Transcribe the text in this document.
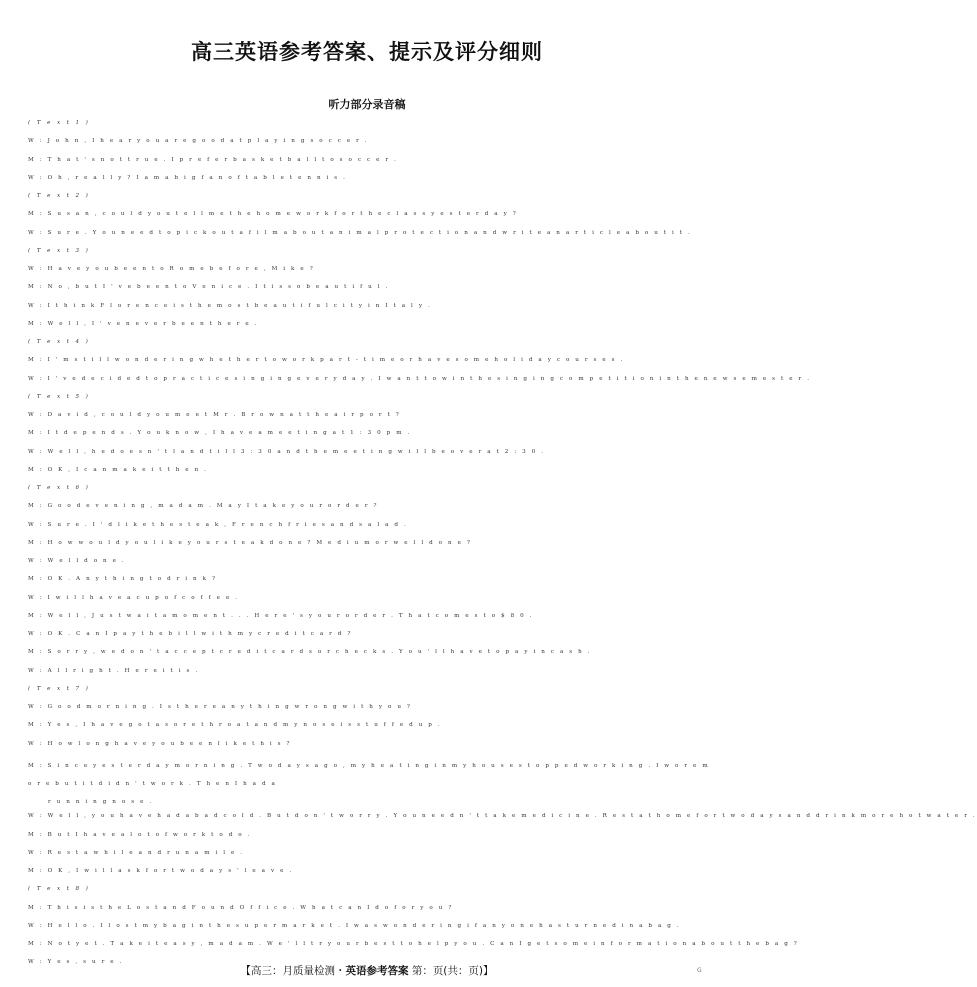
高三英语参考答案、提示及评分细则
听力部分录音稿
( T e x t 1 )
W : J o h n , I h e a r y o u a r e g o o d a t p l a y i n g s o c c e r .
M : T h a t ' s n o t t r u e . I p r e f e r b a s k e t b a l l t o s o c c e r .
W : O h , r e a l l y ? I a m a b i g f a n o f t a b l e t e n n i s .
( T e x t 2 )
M : S u s a n , c o u l d y o u t e l l m e t h e h o m e w o r k f o r t h e c l a s s y e s t e r d a y ?
W : S u r e . Y o u n e e d t o p i c k o u t a f i l m a b o u t a n i m a l p r o t e c t i o n a n d w r i t e a n a r t i c l e a b o u t i t .
( T e x t 3 )
W : H a v e y o u b e e n t o R o m e b e f o r e , M i k e ?
M : N o , b u t I ' v e b e e n t o V e n i c e . I t i s s o b e a u t i f u l .
W : I t h i n k F l o r e n c e i s t h e m o s t b e a u t i f u l c i t y i n I t a l y .
M : W e l l , I ' v e n e v e r b e e n t h e r e .
( T e x t 4 )
M : I ' m s t i l l w o n d e r i n g w h e t h e r t o w o r k p a r t - t i m e o r h a v e s o m e h o l i d a y c o u r s e s .
W : I ' v e d e c i d e d t o p r a c t i c e s i n g i n g e v e r y d a y . I w a n t t o w i n t h e s i n g i n g c o m p e t i t i o n i n t h e n e w s e m e s t e r .
( T e x t 5 )
W : D a v i d , c o u l d y o u m e e t M r . B r o w n a t t h e a i r p o r t ?
M : I t d e p e n d s . Y o u k n o w , I h a v e a m e e t i n g a t 1 : 3 0 p m .
W : W e l l , h e d o e s n ' t l a n d t i l l 3 : 3 0 a n d t h e m e e t i n g w i l l b e o v e r a t 2 : 3 0 .
M : O K , I c a n m a k e i t t h e n .
( T e x t 6 )
M : G o o d e v e n i n g , m a d a m . M a y I t a k e y o u r o r d e r ?
W : S u r e . I ' d l i k e t h e s t e a k , F r e n c h f r i e s a n d s a l a d .
M : H o w w o u l d y o u l i k e y o u r s t e a k d o n e ? M e d i u m o r w e l l d o n e ?
W : W e l l d o n e .
M : O K . A n y t h i n g t o d r i n k ?
W : I w i l l h a v e a c u p o f c o f f e e .
M : W e l l , J u s t w a i t a m o m e n t . . . H e r e ' s y o u r o r d e r . T h a t c o m e s t o $ 8 0 .
W : O K . C a n I p a y t h e b i l l w i t h m y c r e d i t c a r d ?
M : S o r r y , w e d o n ' t a c c e p t c r e d i t c a r d s o r c h e c k s . Y o u ' l l h a v e t o p a y i n c a s h .
W : A l l r i g h t . H e r e i t i s .
( T e x t 7 )
W : G o o d m o r n i n g . I s t h e r e a n y t h i n g w r o n g w i t h y o u ?
M : Y e s , I h a v e g o t a s o r e t h r o a t a n d m y n o s e i s s t u f f e d u p .
W : H o w l o n g h a v e y o u b e e n l i k e t h i s ?
M : S i n c e y e s t e r d a y m o r n i n g . T w o d a y s a g o , m y h e a t i n g i n m y h o u s e s t o p p e d w o r k i n g . I w o r e m o r e b u t i t d i d n ' t w o r k . T h e n I h a d a
r u n n i n g n o s e .
W : W e l l , y o u h a v e h a d a b a d c o l d . B u t d o n ' t w o r r y . Y o u n e e d n ' t t a k e m e d i c i n e . R e s t a t h o m e f o r t w o d a y s a n d d r i n k m o r e h o t w a t e r .
M : B u t I h a v e a l o t o f w o r k t o d o .
W : R e s t a w h i l e a n d r u n a m i l e .
M : O K , I w i l l a s k f o r t w o d a y s ' l e a v e .
( T e x t 8 )
M : T h i s i s t h e L o s t a n d F o u n d O f f i c e . W h a t c a n I d o f o r y o u ?
W : H e l l o . I l o s t m y b a g i n t h e s u p e r m a r k e t . I w a s w o n d e r i n g i f a n y o n e h a s t u r n e d i n a b a g .
M : N o t y e t . T a k e i t e a s y , m a d a m . W e ' l l t r y o u r b e s t t o h e l p y o u . C a n I g e t s o m e i n f o r m a t i o n a b o u t t h e b a g ?
W : Y e s , s u r e .
【高三：月质量检测・英语参考答案 第：页(共：页)】	G
